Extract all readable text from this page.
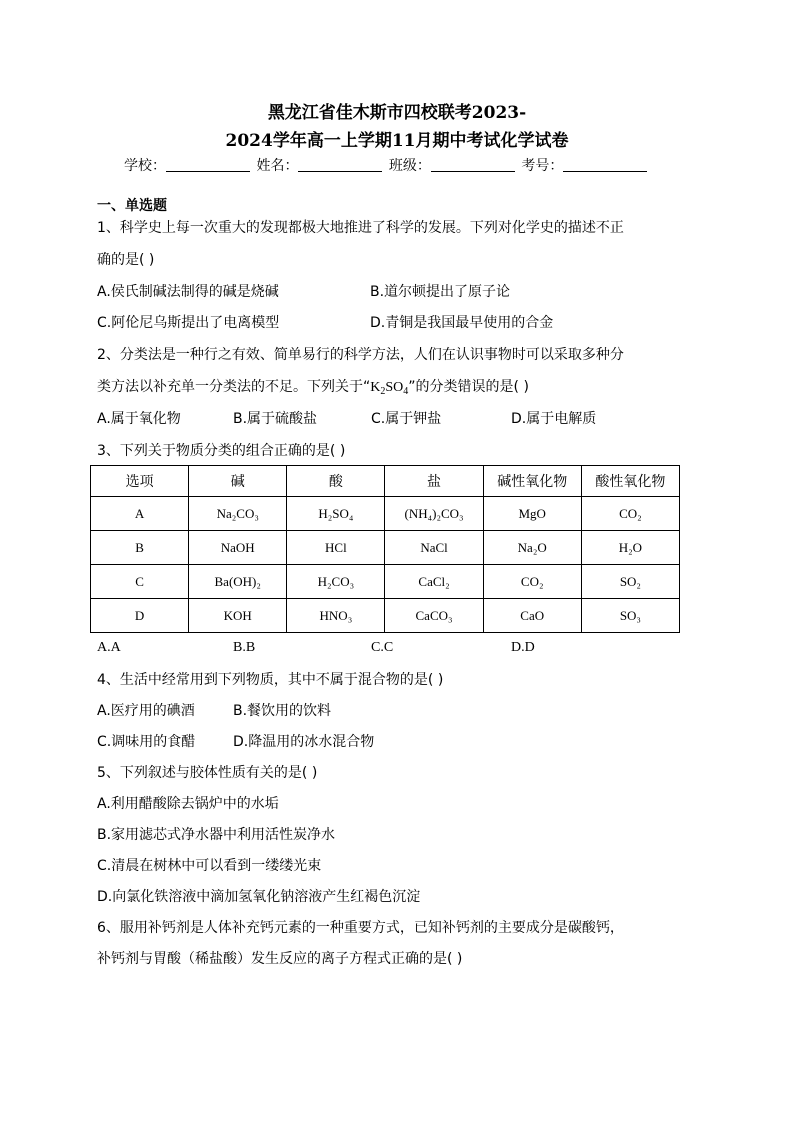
黑龙江省佳木斯市四校联考2023-
2024学年高一上学期11月期中考试化学试卷
学校：	姓名：	班级：	考号：
一、单选题
1、科学史上每一次重大的发现都极大地推进了科学的发展。下列对化学史的描述不正
确的是( )
A.侯氏制碱法制得的碱是烧碱	B.道尔顿提出了原子论
C.阿伦尼乌斯提出了电离模型	D.青铜是我国最早使用的合金
2、分类法是一种行之有效、简单易行的科学方法，人们在认识事物时可以采取多种分
类方法以补充单一分类法的不足。下列关于“$K_2SO_4$”的分类错误的是( )
A.属于氧化物	B.属于硫酸盐	C.属于钾盐	D.属于电解质
3、下列关于物质分类的组合正确的是( )
选项	碱	酸	盐	碱性氧化物	酸性氧化物
A	Na₂CO₃	H₂SO₄	(NH₄)₂CO₃	MgO	CO₂
B	NaOH	HCl	NaCl	Na₂O	H₂O
C	Ba(OH)₂	H₂CO₃	CaCl₂	CO₂	SO₂
D	KOH	HNO₃	CaCO₃	CaO	SO₃
A.A	B.B	C.C	D.D
4、生活中经常用到下列物质，其中不属于混合物的是( )
A.医疗用的碘酒	B.餐饮用的饮料
C.调味用的食醋	D.降温用的冰水混合物
5、下列叙述与胶体性质有关的是( )
A.利用醋酸除去锅炉中的水垢
B.家用滤芯式净水器中利用活性炭净水
C.清晨在树林中可以看到一缕缕光束
D.向氯化铁溶液中滴加氢氧化钠溶液产生红褐色沉淀
6、服用补钙剂是人体补充钙元素的一种重要方式，已知补钙剂的主要成分是碳酸钙，
补钙剂与胃酸（稀盐酸）发生反应的离子方程式正确的是( )
